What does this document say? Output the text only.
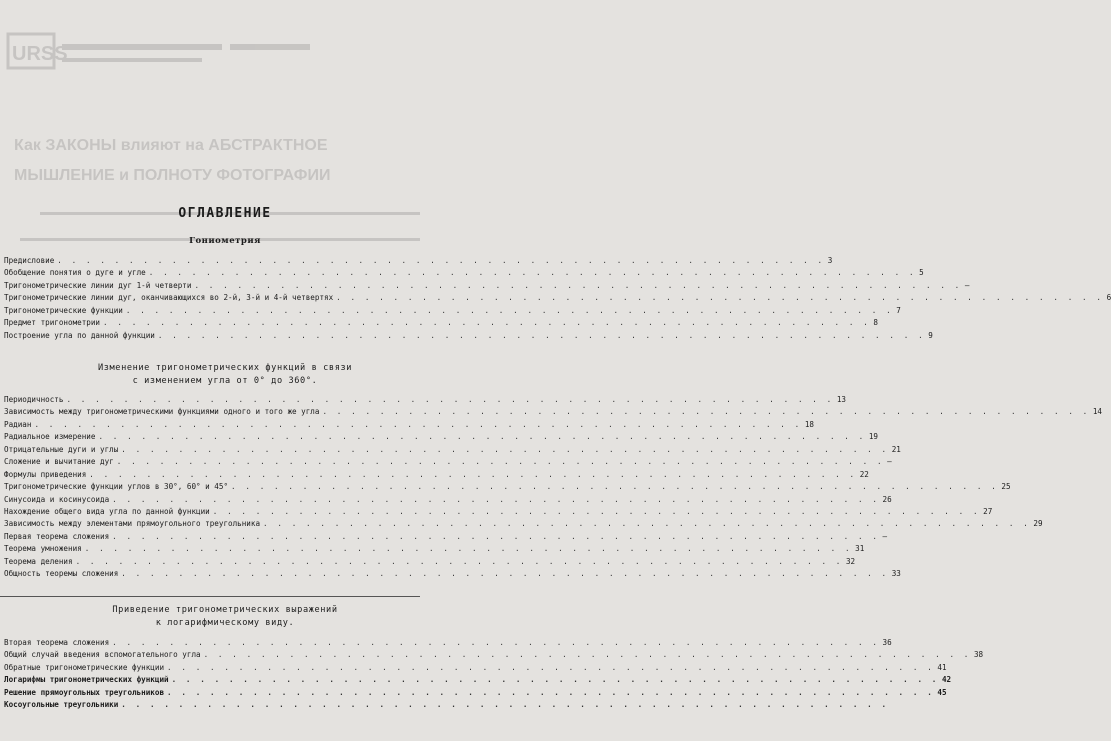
URSS
Как ЗАКОНЫ влияют на АБСТРАКТНОЕ
МЫШЛЕНИЕ и ПОЛНОТУ ФОТОГРАФИИ
ОГЛАВЛЕНИЕ
Гониометрия
Предисловие . . . . . . . . . . . . . . . . . . . . . . . . . . . . . . . . . . . . . . . . . . . . . . . . . . . . . . 3
Обобщение понятия о дуге и угле . . . . . . . . . . . . . . . . . . . . . . . . . . . . . . . . . . . . . . . . . . . . . . . . . . . . . . 5
Тригонометрические линии дуг 1-й четверти . . . . . . . . . . . . . . . . . . . . . . . . . . . . . . . . . . . . . . . . . . . . . . . . . . . . . . —
Тригонометрические линии дуг, оканчивающихся во 2-й, 3-й и 4-й четвертях . . . . . . . . . . . . . . . . . . . . . . . . . . . . . . . . . . . . . . . . . . . . . . . . . . . . . . 6
Тригонометрические функции . . . . . . . . . . . . . . . . . . . . . . . . . . . . . . . . . . . . . . . . . . . . . . . . . . . . . . 7
Предмет тригонометрии . . . . . . . . . . . . . . . . . . . . . . . . . . . . . . . . . . . . . . . . . . . . . . . . . . . . . . 8
Построение угла по данной функции . . . . . . . . . . . . . . . . . . . . . . . . . . . . . . . . . . . . . . . . . . . . . . . . . . . . . . 9
Изменение тригонометрических функций в связи
с изменением угла от 0° до 360°.
Периодичность . . . . . . . . . . . . . . . . . . . . . . . . . . . . . . . . . . . . . . . . . . . . . . . . . . . . . . 13
Зависимость между тригонометрическими функциями одного и того же угла . . . . . . . . . . . . . . . . . . . . . . . . . . . . . . . . . . . . . . . . . . . . . . . . . . . . . . 14
Радиан . . . . . . . . . . . . . . . . . . . . . . . . . . . . . . . . . . . . . . . . . . . . . . . . . . . . . . 18
Радиальное измерение . . . . . . . . . . . . . . . . . . . . . . . . . . . . . . . . . . . . . . . . . . . . . . . . . . . . . . 19
Отрицательные дуги и углы . . . . . . . . . . . . . . . . . . . . . . . . . . . . . . . . . . . . . . . . . . . . . . . . . . . . . . 21
Сложение и вычитание дуг . . . . . . . . . . . . . . . . . . . . . . . . . . . . . . . . . . . . . . . . . . . . . . . . . . . . . . —
Формулы приведения . . . . . . . . . . . . . . . . . . . . . . . . . . . . . . . . . . . . . . . . . . . . . . . . . . . . . . 22
Тригонометрические функции углов в 30°, 60° и 45° . . . . . . . . . . . . . . . . . . . . . . . . . . . . . . . . . . . . . . . . . . . . . . . . . . . . . . 25
Синусоида и косинусоида . . . . . . . . . . . . . . . . . . . . . . . . . . . . . . . . . . . . . . . . . . . . . . . . . . . . . . 26
Нахождение общего вида угла по данной функции . . . . . . . . . . . . . . . . . . . . . . . . . . . . . . . . . . . . . . . . . . . . . . . . . . . . . . 27
Зависимость между элементами прямоугольного треугольника . . . . . . . . . . . . . . . . . . . . . . . . . . . . . . . . . . . . . . . . . . . . . . . . . . . . . . 29
Первая теорема сложения . . . . . . . . . . . . . . . . . . . . . . . . . . . . . . . . . . . . . . . . . . . . . . . . . . . . . . —
Теорема умножения . . . . . . . . . . . . . . . . . . . . . . . . . . . . . . . . . . . . . . . . . . . . . . . . . . . . . . 31
Теорема деления . . . . . . . . . . . . . . . . . . . . . . . . . . . . . . . . . . . . . . . . . . . . . . . . . . . . . . 32
Общность теоремы сложения . . . . . . . . . . . . . . . . . . . . . . . . . . . . . . . . . . . . . . . . . . . . . . . . . . . . . . 33
Приведение тригонометрических выражений
к логарифмическому виду.
Вторая теорема сложения . . . . . . . . . . . . . . . . . . . . . . . . . . . . . . . . . . . . . . . . . . . . . . . . . . . . . . 36
Общий случай введения вспомогательного угла . . . . . . . . . . . . . . . . . . . . . . . . . . . . . . . . . . . . . . . . . . . . . . . . . . . . . . 38
Обратные тригонометрические функции . . . . . . . . . . . . . . . . . . . . . . . . . . . . . . . . . . . . . . . . . . . . . . . . . . . . . . 41
Логарифмы тригонометрических функций . . . . . . . . . . . . . . . . . . . . . . . . . . . . . . . . . . . . . . . . . . . . . . . . . . . . . . 42
Решение прямоугольных треугольников . . . . . . . . . . . . . . . . . . . . . . . . . . . . . . . . . . . . . . . . . . . . . . . . . . . . . . 45
Косоугольные треугольники . . . . . . . . . . . . . . . . . . . . . . . . . . . . . . . . . . . . . . . . . . . . . . . . . . . . . .
